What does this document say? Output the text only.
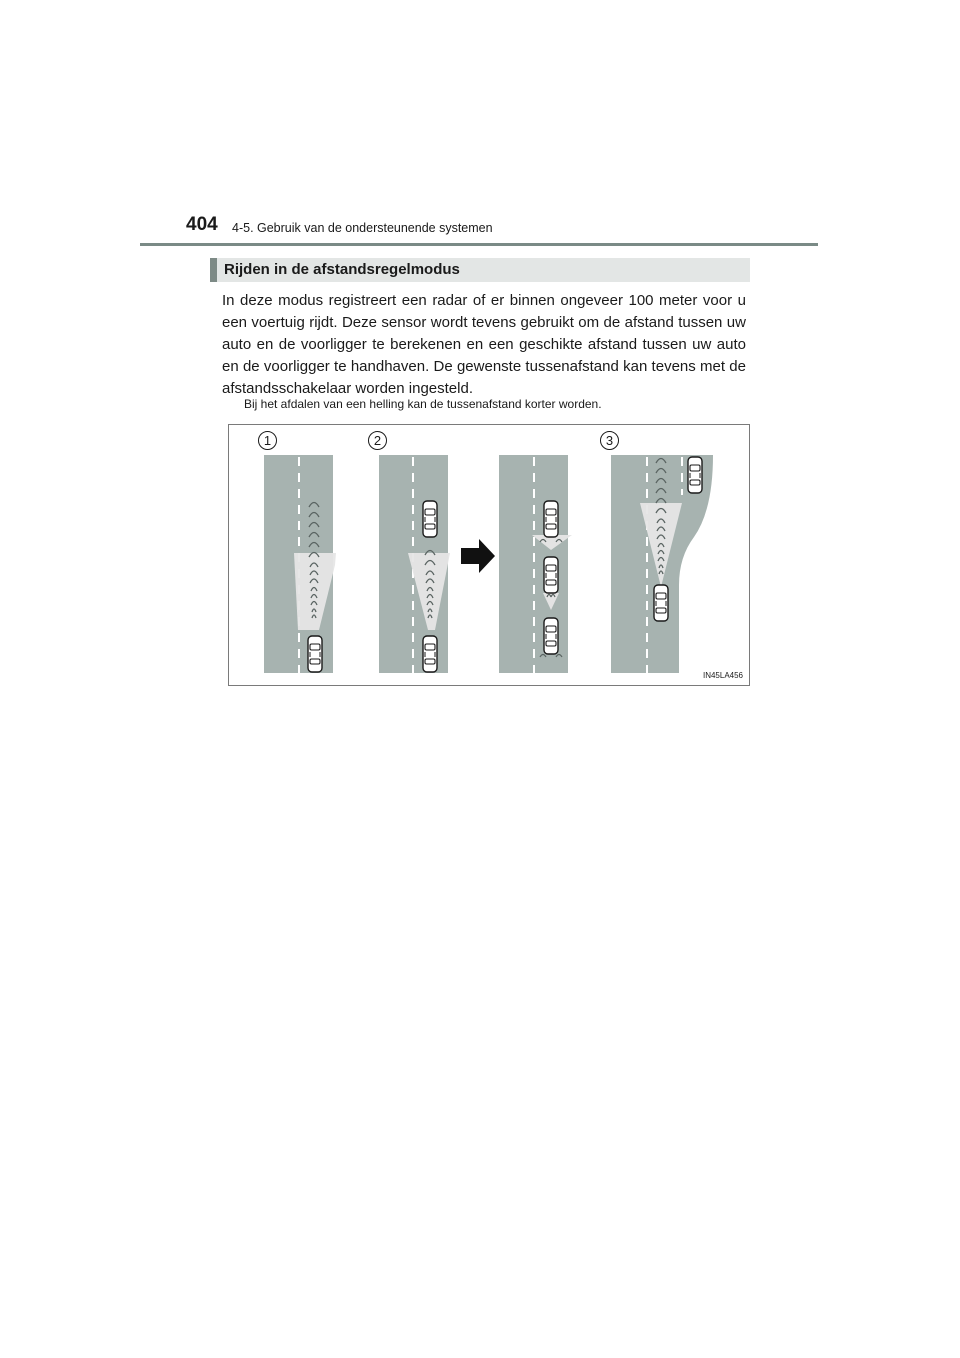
404 4-5. Gebruik van de ondersteunende systemen
Rijden in de afstandsregelmodus

In deze modus registreert een radar of er binnen ongeveer 100 meter voor u een voertuig rijdt. Deze sensor wordt tevens gebruikt om de afstand tussen uw auto en de voorligger te berekenen en een geschikte afstand tussen uw auto en de voorligger te handhaven. De gewenste tussenafstand kan tevens met de afstandsschakelaar worden ingesteld.

Bij het afdalen van een helling kan de tussenafstand korter worden.

1	2	3
IN45LA456
